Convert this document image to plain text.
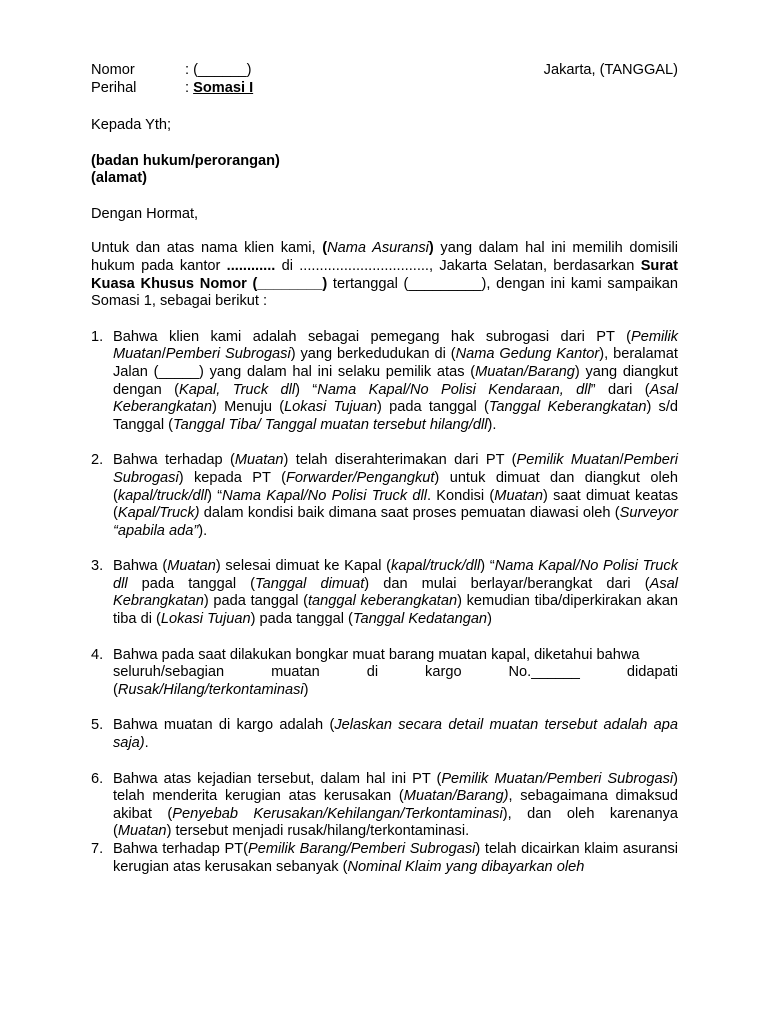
Nomor	: (______)
Perihal	: Somasi I
Jakarta, (TANGGAL)

Kepada Yth;

(badan hukum/perorangan)

(alamat)

Dengan Hormat,

Untuk dan atas nama klien kami, (Nama Asuransi) yang dalam hal ini memilih domisili hukum pada kantor ............ di ................................, Jakarta Selatan, berdasarkan Surat Kuasa Khusus Nomor (________) tertanggal (_________), dengan ini kami sampaikan Somasi 1, sebagai berikut :

1. Bahwa klien kami adalah sebagai pemegang hak subrogasi dari PT (Pemilik Muatan/Pemberi Subrogasi) yang berkedudukan di (Nama Gedung Kantor), beralamat Jalan (_____) yang dalam hal ini selaku pemilik atas (Muatan/Barang) yang diangkut dengan (Kapal, Truck dll) “Nama Kapal/No Polisi Kendaraan, dll” dari (Asal Keberangkatan) Menuju (Lokasi Tujuan) pada tanggal (Tanggal Keberangkatan) s/d Tanggal (Tanggal Tiba/ Tanggal muatan tersebut hilang/dll).
2. Bahwa terhadap (Muatan) telah diserahterimakan dari PT (Pemilik Muatan/Pemberi Subrogasi) kepada PT (Forwarder/Pengangkut) untuk dimuat dan diangkut oleh (kapal/truck/dll) “Nama Kapal/No Polisi Truck dll. Kondisi (Muatan) saat dimuat keatas (Kapal/Truck) dalam kondisi baik dimana saat proses pemuatan diawasi oleh (Surveyor “apabila ada”).
3. Bahwa (Muatan) selesai dimuat ke Kapal (kapal/truck/dll) “Nama Kapal/No Polisi Truck dll pada tanggal (Tanggal dimuat) dan mulai berlayar/berangkat dari (Asal Kebrangkatan) pada tanggal (tanggal keberangkatan) kemudian tiba/diperkirakan akan tiba di (Lokasi Tujuan) pada tanggal (Tanggal Kedatangan)
4. Bahwa pada saat dilakukan bongkar muat barang muatan kapal, diketahui bahwa
seluruh/sebagian muatan di kargo No.______ didapati
(Rusak/Hilang/terkontaminasi)
5. Bahwa muatan di kargo adalah (Jelaskan secara detail muatan tersebut adalah apa saja).
6. Bahwa atas kejadian tersebut, dalam hal ini PT (Pemilik Muatan/Pemberi Subrogasi) telah menderita kerugian atas kerusakan (Muatan/Barang), sebagaimana dimaksud akibat (Penyebab Kerusakan/Kehilangan/Terkontaminasi), dan oleh karenanya (Muatan) tersebut menjadi rusak/hilang/terkontaminasi.
7. Bahwa terhadap PT(Pemilik Barang/Pemberi Subrogasi) telah dicairkan klaim asuransi kerugian atas kerusakan sebanyak (Nominal Klaim yang dibayarkan oleh
